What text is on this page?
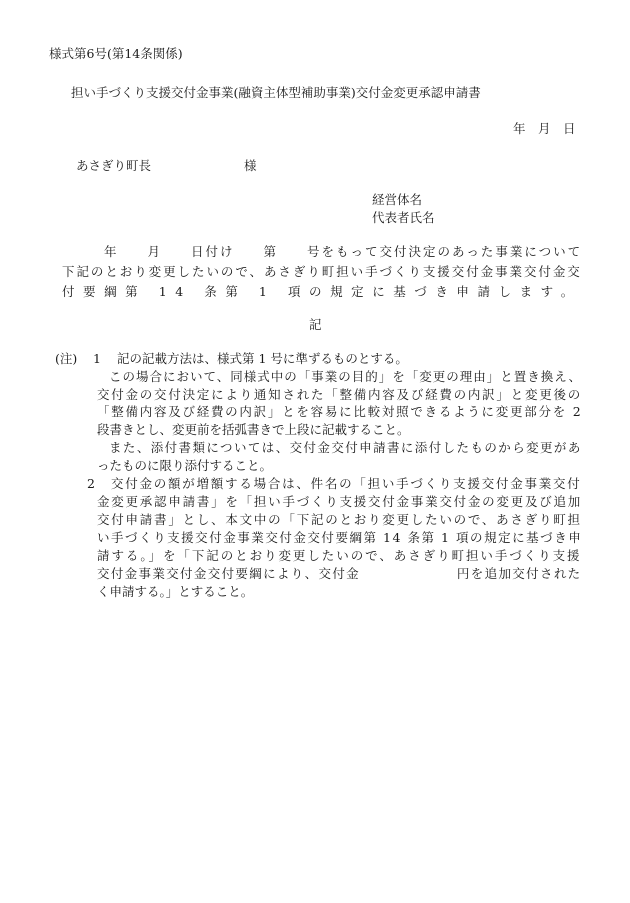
様式第6号(第14条関係)
担い手づくり支援交付金事業(融資主体型補助事業)交付金変更承認申請書
年　月　日
あさぎり町長	様
経営体名
代表者氏名
年　　月　　日付け　　第　　号をもって交付決定のあった事業について
下記のとおり変更したいので、あさぎり町担い手づくり支援交付金事業交付金交
付要綱第 14 条第 1 項の規定に基づき申請します。
記
(注) 1 記の記載方法は、様式第 1 号に準ずるものとする。
この場合において、同様式中の「事業の目的」を「変更の理由」と置き換え、
交付金の交付決定により通知された「整備内容及び経費の内訳」と変更後の
「整備内容及び経費の内訳」とを容易に比較対照できるように変更部分を 2
段書きとし、変更前を括弧書きで上段に記載すること。
また、添付書類については、交付金交付申請書に添付したものから変更があ
ったものに限り添付すること。
2 交付金の額が増額する場合は、件名の「担い手づくり支援交付金事業交付
金変更承認申請書」を「担い手づくり支援交付金事業交付金の変更及び追加
交付申請書」とし、本文中の「下記のとおり変更したいので、あさぎり町担
い手づくり支援交付金事業交付金交付要綱第 14 条第 1 項の規定に基づき申
請する。」を「下記のとおり変更したいので、あさぎり町担い手づくり支援
交付金事業交付金交付要綱により、交付金　　　　　　　円を追加交付された
く申請する。」とすること。
